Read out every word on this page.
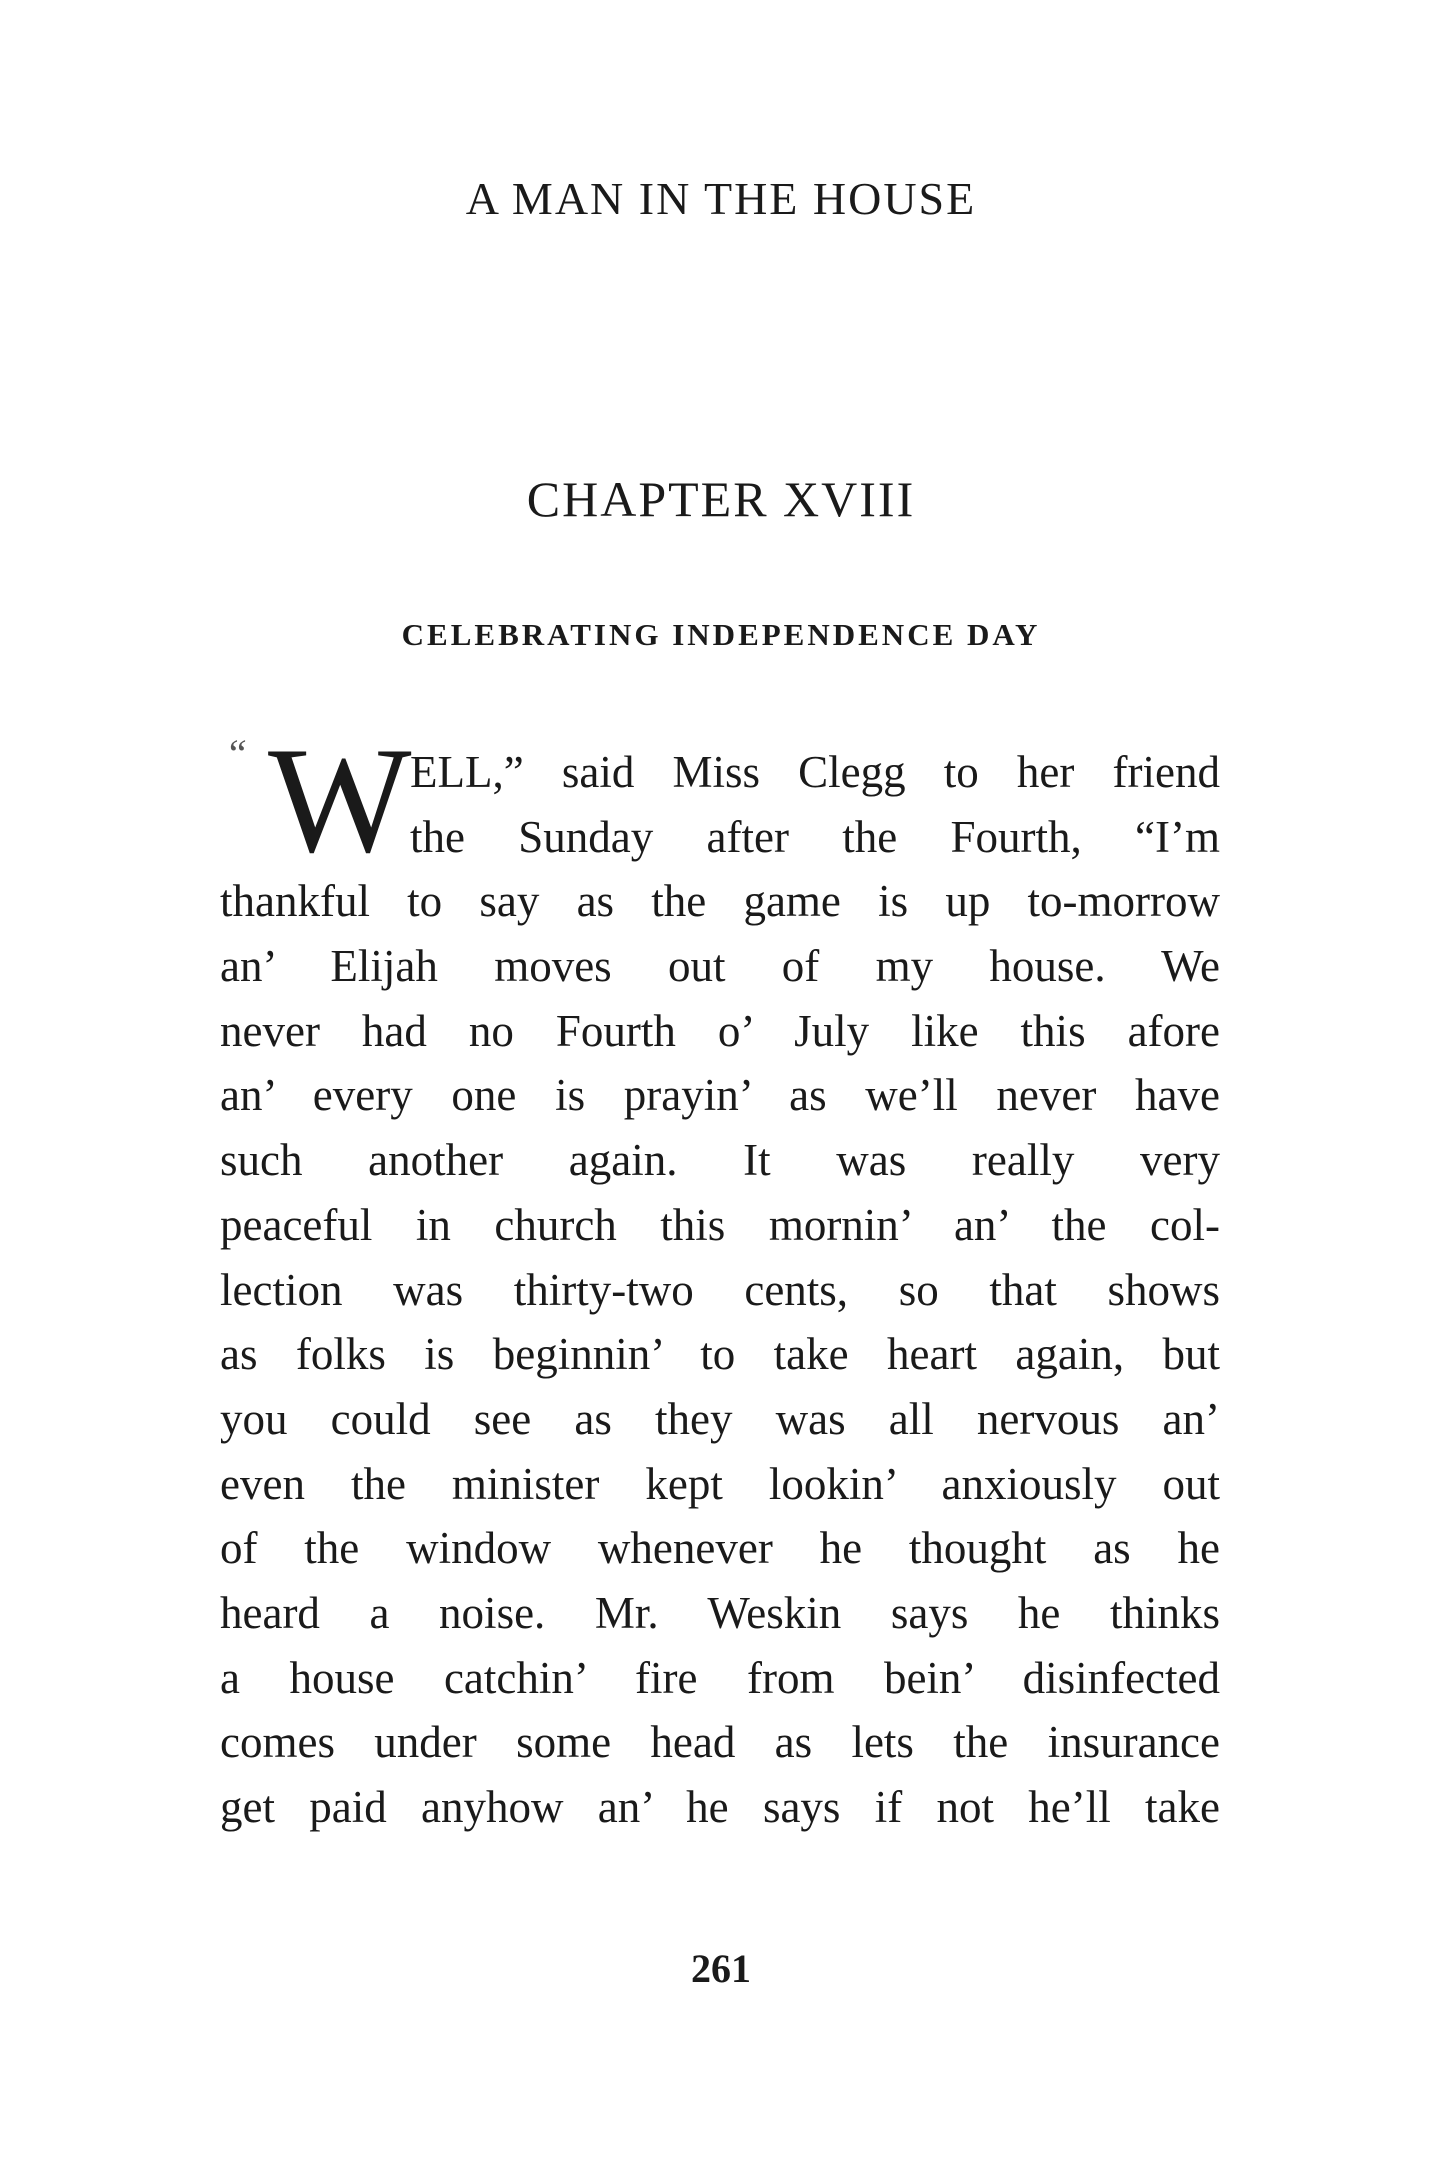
A MAN IN THE HOUSE
CHAPTER XVIII
CELEBRATING INDEPENDENCE DAY
“ W
ELL,” said Miss Clegg to her friend
the Sunday after the Fourth, “I’m
thankful to say as the game is up to-morrow
an’ Elijah moves out of my house. We
never had no Fourth o’ July like this afore
an’ every one is prayin’ as we’ll never have
such another again. It was really very
peaceful in church this mornin’ an’ the col-
lection was thirty-two cents, so that shows
as folks is beginnin’ to take heart again, but
you could see as they was all nervous an’
even the minister kept lookin’ anxiously out
of the window whenever he thought as he
heard a noise. Mr. Weskin says he thinks
a house catchin’ fire from bein’ disinfected
comes under some head as lets the insurance
get paid anyhow an’ he says if not he’ll take
261
